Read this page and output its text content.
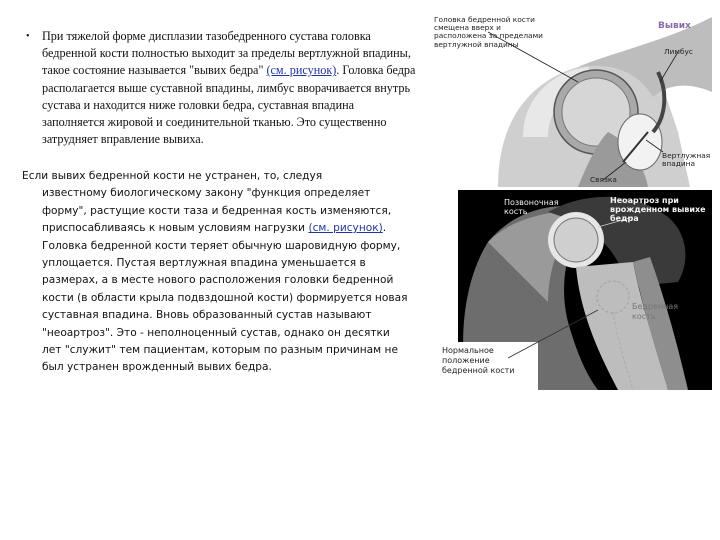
• При тяжелой форме дисплазии тазобедренного сустава головка бедренной кости полностью выходит за пределы вертлужной впадины, такое состояние называется "вывих бедра" (см. рисунок). Головка бедра располагается выше суставной впадины, лимбус вворачивается внутрь сустава и находится ниже головки бедра, суставная впадина заполняется жировой и соединительной тканью. Это существенно затрудняет вправление вывиха.
Если вывих бедренной кости не устранен, то, следуя
известному биологическому закону "функция определяет форму", растущие кости таза и бедренная кость изменяются, приспосабливаясь к новым условиям нагрузки (см. рисунок). Головка бедренной кости теряет обычную шаровидную форму, уплощается. Пустая вертлужная впадина уменьшается в размерах, а в месте нового расположения головки бедренной кости (в области крыла подвздошной кости) формируется новая суставная впадина. Вновь образованный сустав называют "неоартроз". Это - неполноценный сустав, однако он десятки лет "служит" тем пациентам, которым по разным причинам не был устранен врожденный вывих бедра.
Головка бедренной кости смещена вверх и расположена за пределами вертлужной впадины
Вывих
Лимбус
Вертлужная впадина
Связка
Позвоночная кость
Неоартроз при врожденном вывихе бедра
Бедренная кость
Нормальное положение бедренной кости
